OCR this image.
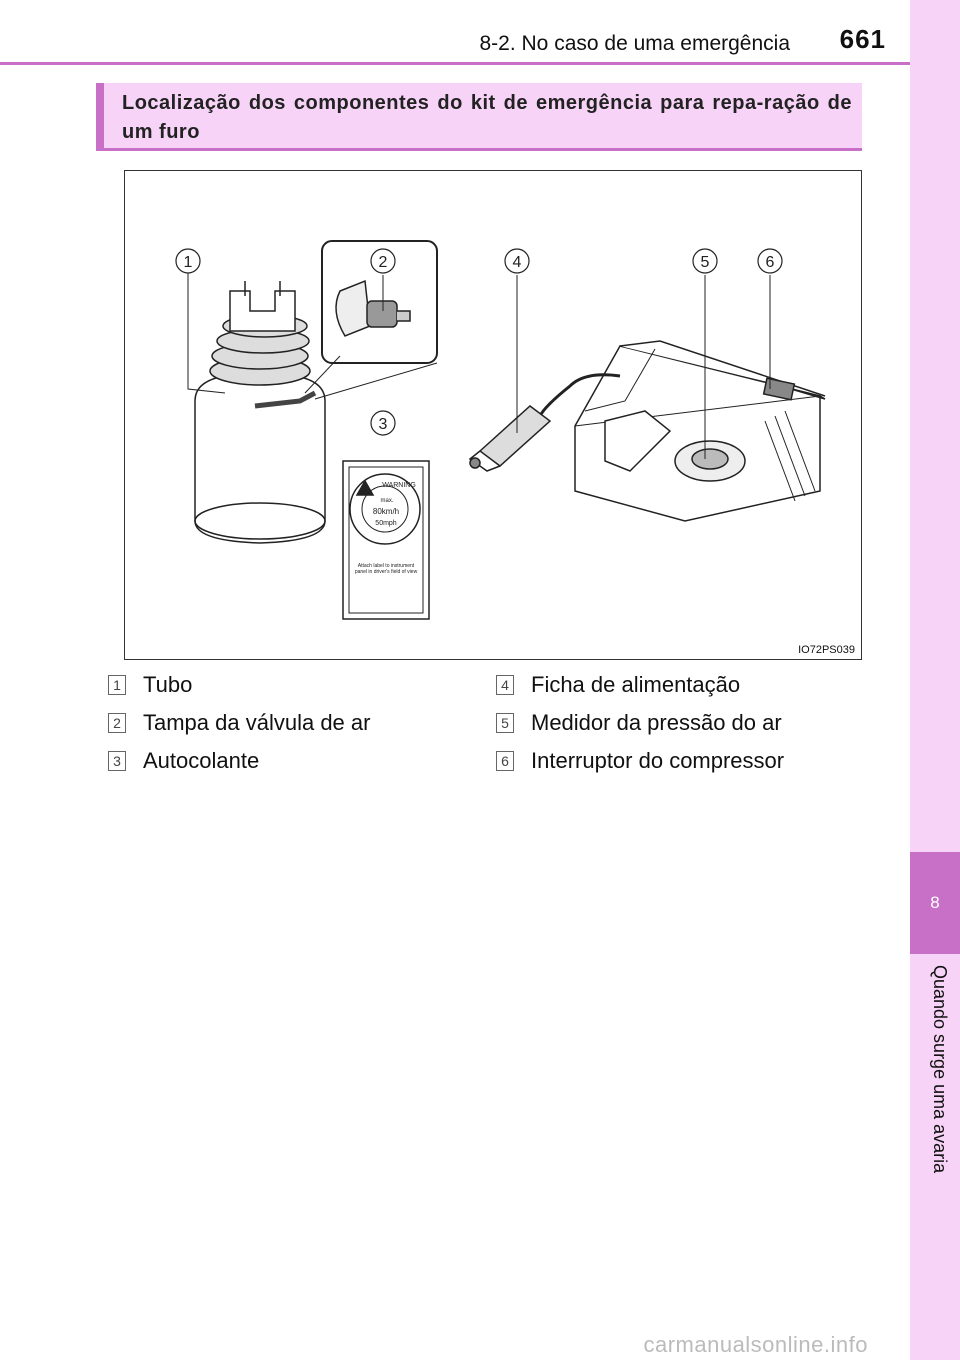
8-2. No caso de uma emergência 661
8
Quando surge uma avaria
Localização dos componentes do kit de emergência para repa-ração de um furo
1	2
3
4	5	6
WARNING
max.
80km/h
50mph
Attach label to instrument panel in driver's field of view
IO72PS039
1 Tubo
2 Tampa da válvula de ar
3 Autocolante
4 Ficha de alimentação
5 Medidor da pressão do ar
6 Interruptor do compressor
carmanualsonline.info
